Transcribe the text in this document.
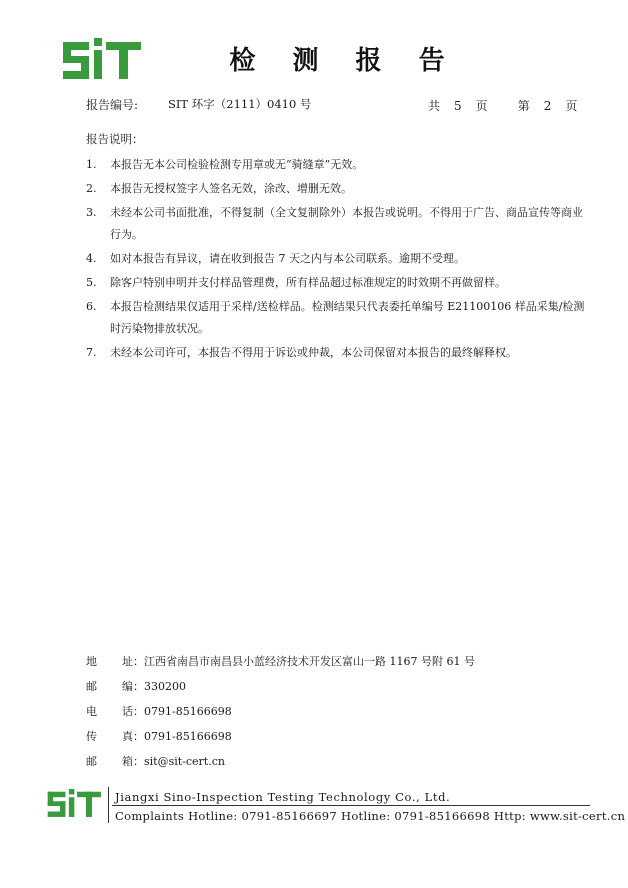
检 测 报 告
报告编号:	SIT 环字（2111）0410 号	共 5 页	第 2 页
报告说明：
1.	本报告无本公司检验检测专用章或无“骑缝章”无效。
2.	本报告无授权签字人签名无效，涂改、增删无效。
3.	未经本公司书面批准，不得复制（全文复制除外）本报告或说明。不得用于广告、商品宣传等商业行为。
4.	如对本报告有异议，请在收到报告 7 天之内与本公司联系。逾期不受理。
5.	除客户特别申明并支付样品管理费，所有样品超过标准规定的时效期不再做留样。
6.	本报告检测结果仅适用于采样/送检样品。检测结果只代表委托单编号 E21100106 样品采集/检测时污染物排放状况。
7.	未经本公司许可，本报告不得用于诉讼或仲裁，本公司保留对本报告的最终解释权。
地 址：江西省南昌市南昌县小蓝经济技术开发区富山一路 1167 号附 61 号
邮 编：330200
电 话：0791-85166698
传 真：0791-85166698
邮 箱：sit@sit-cert.cn
Jiangxi Sino-Inspection Testing Technology Co., Ltd.
Complaints Hotline: 0791-85166697 Hotline: 0791-85166698 Http: www.sit-cert.cn
